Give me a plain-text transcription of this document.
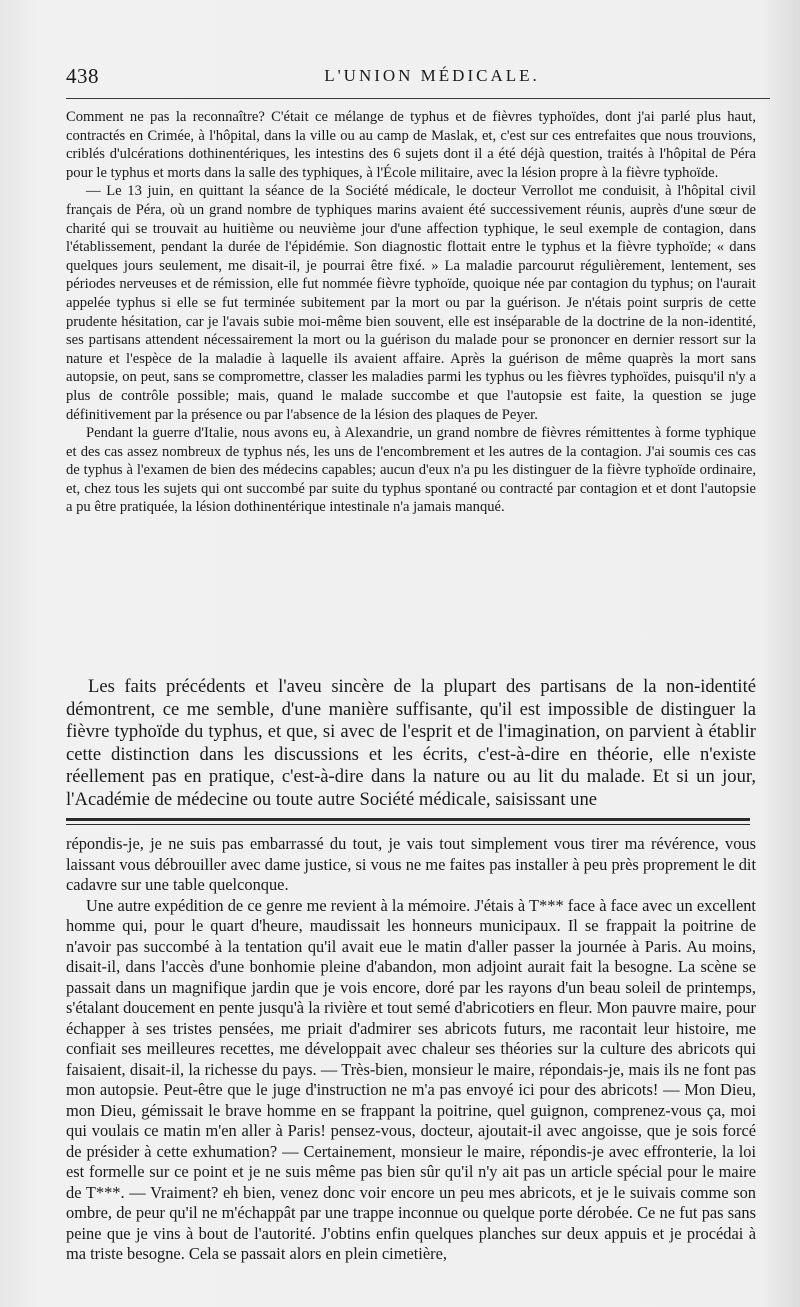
438	L'UNION MÉDICALE.

Comment ne pas la reconnaître? C'était ce mélange de typhus et de fièvres typhoïdes, dont j'ai parlé plus haut, contractés en Crimée, à l'hôpital, dans la ville ou au camp de Maslak, et, c'est sur ces entrefaites que nous trouvions, criblés d'ulcérations dothinentériques, les intestins des 6 sujets dont il a été déjà question, traités à l'hôpital de Péra pour le typhus et morts dans la salle des typhiques, à l'École militaire, avec la lésion propre à la fièvre typhoïde.

— Le 13 juin, en quittant la séance de la Société médicale, le docteur Verrollot me conduisit, à l'hôpital civil français de Péra, où un grand nombre de typhiques marins avaient été successivement réunis, auprès d'une sœur de charité qui se trouvait au huitième ou neuvième jour d'une affection typhique, le seul exemple de contagion, dans l'établissement, pendant la durée de l'épidémie. Son diagnostic flottait entre le typhus et la fièvre typhoïde; « dans quelques jours seulement, me disait-il, je pourrai être fixé. » La maladie parcourut régulièrement, lentement, ses périodes nerveuses et de rémission, elle fut nommée fièvre typhoïde, quoique née par contagion du typhus; on l'aurait appelée typhus si elle se fut terminée subitement par la mort ou par la guérison. Je n'étais point surpris de cette prudente hésitation, car je l'avais subie moi-même bien souvent, elle est inséparable de la doctrine de la non-identité, ses partisans attendent nécessairement la mort ou la guérison du malade pour se prononcer en dernier ressort sur la nature et l'espèce de la maladie à laquelle ils avaient affaire. Après la guérison de même quaprès la mort sans autopsie, on peut, sans se compromettre, classer les maladies parmi les typhus ou les fièvres typhoïdes, puisqu'il n'y a plus de contrôle possible; mais, quand le malade succombe et que l'autopsie est faite, la question se juge définitivement par la présence ou par l'absence de la lésion des plaques de Peyer.

Pendant la guerre d'Italie, nous avons eu, à Alexandrie, un grand nombre de fièvres rémittentes à forme typhique et des cas assez nombreux de typhus nés, les uns de l'encombrement et les autres de la contagion. J'ai soumis ces cas de typhus à l'examen de bien des médecins capables; aucun d'eux n'a pu les distinguer de la fièvre typhoïde ordinaire, et, chez tous les sujets qui ont succombé par suite du typhus spontané ou contracté par contagion et et dont l'autopsie a pu être pratiquée, la lésion dothinentérique intestinale n'a jamais manqué.

Les faits précédents et l'aveu sincère de la plupart des partisans de la non-identité démontrent, ce me semble, d'une manière suffisante, qu'il est impossible de distinguer la fièvre typhoïde du typhus, et que, si avec de l'esprit et de l'imagination, on parvient à établir cette distinction dans les discussions et les écrits, c'est-à-dire en théorie, elle n'existe réellement pas en pratique, c'est-à-dire dans la nature ou au lit du malade. Et si un jour, l'Académie de médecine ou toute autre Société médicale, saisissant une

répondis-je, je ne suis pas embarrassé du tout, je vais tout simplement vous tirer ma révérence, vous laissant vous débrouiller avec dame justice, si vous ne me faites pas installer à peu près proprement le dit cadavre sur une table quelconque.

Une autre expédition de ce genre me revient à la mémoire. J'étais à T*** face à face avec un excellent homme qui, pour le quart d'heure, maudissait les honneurs municipaux. Il se frappait la poitrine de n'avoir pas succombé à la tentation qu'il avait eue le matin d'aller passer la journée à Paris. Au moins, disait-il, dans l'accès d'une bonhomie pleine d'abandon, mon adjoint aurait fait la besogne. La scène se passait dans un magnifique jardin que je vois encore, doré par les rayons d'un beau soleil de printemps, s'étalant doucement en pente jusqu'à la rivière et tout semé d'abricotiers en fleur. Mon pauvre maire, pour échapper à ses tristes pensées, me priait d'admirer ses abricots futurs, me racontait leur histoire, me confiait ses meilleures recettes, me développait avec chaleur ses théories sur la culture des abricots qui faisaient, disait-il, la richesse du pays. — Très-bien, monsieur le maire, répondais-je, mais ils ne font pas mon autopsie. Peut-être que le juge d'instruction ne m'a pas envoyé ici pour des abricots! — Mon Dieu, mon Dieu, gémissait le brave homme en se frappant la poitrine, quel guignon, comprenez-vous ça, moi qui voulais ce matin m'en aller à Paris! pensez-vous, docteur, ajoutait-il avec angoisse, que je sois forcé de présider à cette exhumation? — Certainement, monsieur le maire, répondis-je avec effronterie, la loi est formelle sur ce point et je ne suis même pas bien sûr qu'il n'y ait pas un article spécial pour le maire de T***. — Vraiment? eh bien, venez donc voir encore un peu mes abricots, et je le suivais comme son ombre, de peur qu'il ne m'échappât par une trappe inconnue ou quelque porte dérobée. Ce ne fut pas sans peine que je vins à bout de l'autorité. J'obtins enfin quelques planches sur deux appuis et je procédai à ma triste besogne. Cela se passait alors en plein cimetière,
